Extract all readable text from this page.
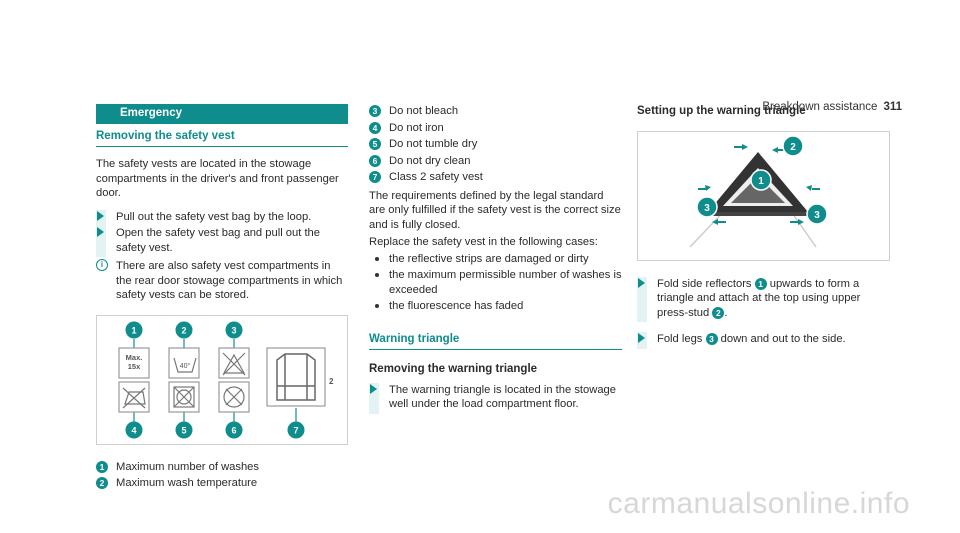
Breakdown assistance 311
Emergency
Removing the safety vest

The safety vests are located in the stowage compartments in the driver's and front passenger door.

Pull out the safety vest bag by the loop.
Open the safety vest bag and pull out the safety vest.
i	There are also safety vest compartments in the rear door stowage compartments in which safety vests can be stored.
Max.
15x	40°
2
1	2	3
4	5	6	7
1	Maximum number of washes
2	Maximum wash temperature
3	Do not bleach
4	Do not iron
5	Do not tumble dry
6	Do not dry clean
7	Class 2 safety vest

The requirements defined by the legal standard are only fulfilled if the safety vest is the correct size and is fully closed.

Replace the safety vest in the following cases:

the reflective strips are damaged or dirty
the maximum permissible number of washes is exceeded
the fluorescence has faded
Warning triangle
Removing the warning triangle
The warning triangle is located in the stowage well under the load compartment floor.
Setting up the warning triangle
1
2
3
3
Fold side reflectors 1 upwards to form a triangle and attach at the top using upper press-stud 2 .
Fold legs 3 down and out to the side.
carmanualsonline.info
